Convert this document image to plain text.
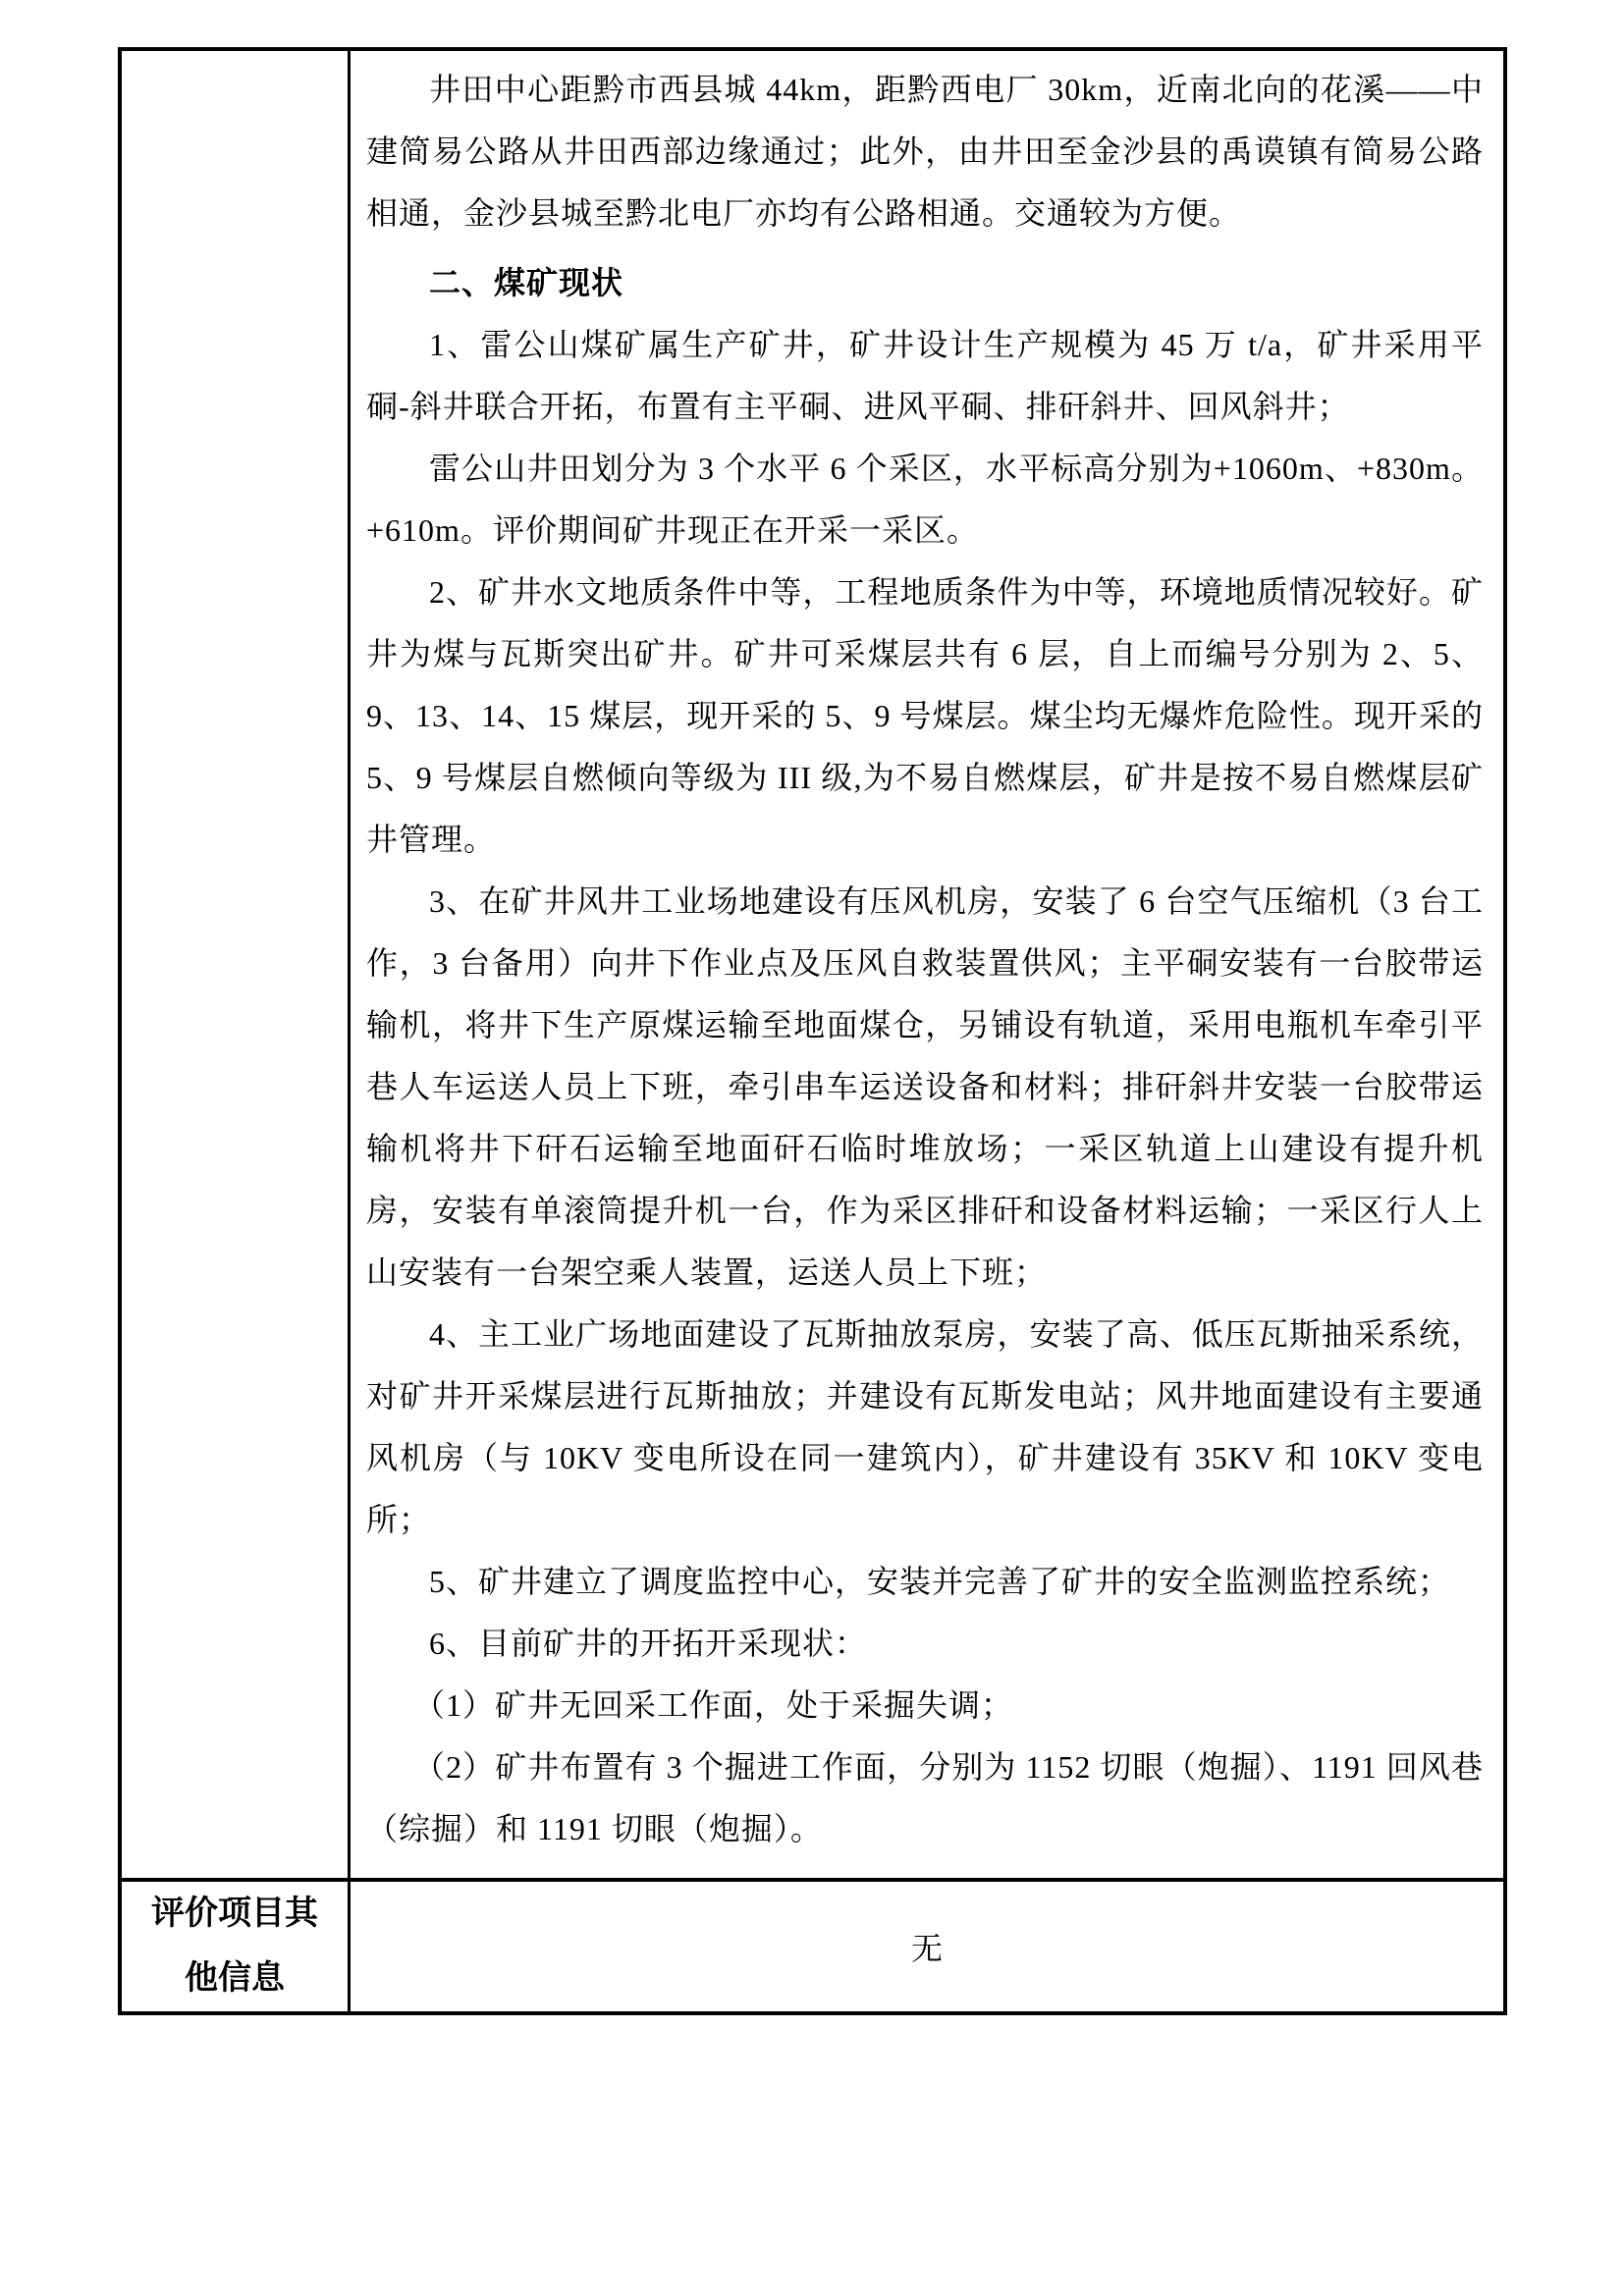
井田中心距黔市西县城 44km，距黔西电厂 30km，近南北向的花溪——中建简易公路从井田西部边缘通过；此外，由井田至金沙县的禹谟镇有简易公路相通，金沙县城至黔北电厂亦均有公路相通。交通较为方便。

二、煤矿现状

1、雷公山煤矿属生产矿井，矿井设计生产规模为 45 万 t/a，矿井采用平硐-斜井联合开拓，布置有主平硐、进风平硐、排矸斜井、回风斜井；

雷公山井田划分为 3 个水平 6 个采区，水平标高分别为+1060m、+830m。+610m。评价期间矿井现正在开采一采区。

2、矿井水文地质条件中等，工程地质条件为中等，环境地质情况较好。矿井为煤与瓦斯突出矿井。矿井可采煤层共有 6 层，自上而编号分别为 2、5、9、13、14、15 煤层，现开采的 5、9 号煤层。煤尘均无爆炸危险性。现开采的 5、9 号煤层自燃倾向等级为 III 级,为不易自燃煤层，矿井是按不易自燃煤层矿井管理。

3、在矿井风井工业场地建设有压风机房，安装了 6 台空气压缩机（3 台工作，3 台备用）向井下作业点及压风自救装置供风；主平硐安装有一台胶带运输机，将井下生产原煤运输至地面煤仓，另铺设有轨道，采用电瓶机车牵引平巷人车运送人员上下班，牵引串车运送设备和材料；排矸斜井安装一台胶带运输机将井下矸石运输至地面矸石临时堆放场；一采区轨道上山建设有提升机房，安装有单滚筒提升机一台，作为采区排矸和设备材料运输；一采区行人上山安装有一台架空乘人装置，运送人员上下班；

4、主工业广场地面建设了瓦斯抽放泵房，安装了高、低压瓦斯抽采系统，对矿井开采煤层进行瓦斯抽放；并建设有瓦斯发电站；风井地面建设有主要通风机房（与 10KV 变电所设在同一建筑内），矿井建设有 35KV 和 10KV 变电所；

5、矿井建立了调度监控中心，安装并完善了矿井的安全监测监控系统；

6、目前矿井的开拓开采现状：

（1）矿井无回采工作面，处于采掘失调；

（2）矿井布置有 3 个掘进工作面，分别为 1152 切眼（炮掘）、1191 回风巷（综掘）和 1191 切眼（炮掘）。

评价项目其
他信息
无
